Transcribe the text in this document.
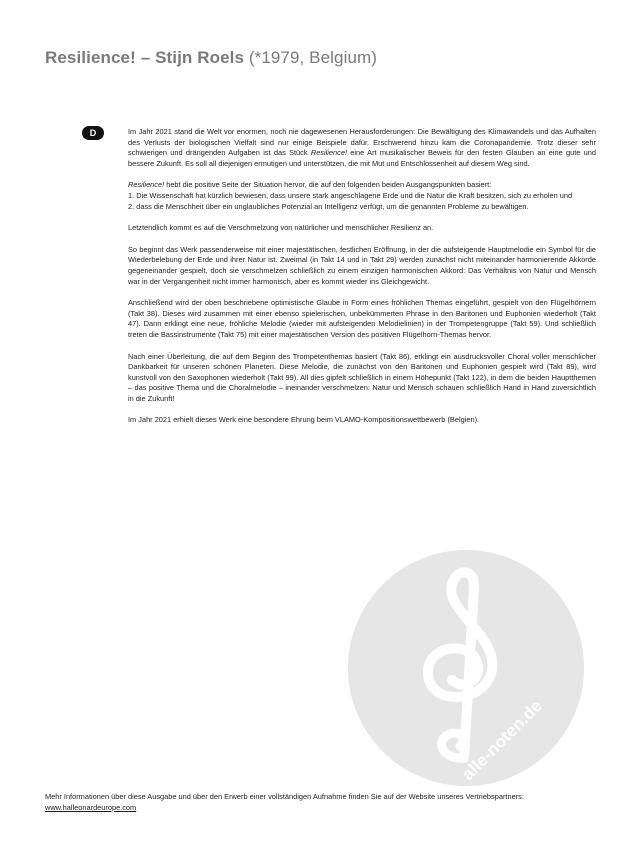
Resilience! – Stijn Roels (*1979, Belgium)
D	Im Jahr 2021 stand die Welt vor enormen, noch nie dagewesenen Herausforderungen: Die Bewältigung des Klimawandels und das Aufhalten des Verlusts der biologischen Vielfalt sind nur einige Beispiele dafür. Erschwerend hinzu kam die Coronapandemie. Trotz dieser sehr schwierigen und drängenden Aufgaben ist das Stück Resilience! eine Art musikalischer Beweis für den festen Glauben an eine gute und bessere Zukunft. Es soll all diejenigen ermutigen und unterstützen, die mit Mut und Entschlossenheit auf diesem Weg sind.

Resilience! hebt die positive Seite der Situation hervor, die auf den folgenden beiden Ausgangspunkten basiert:
1. Die Wissenschaft hat kürzlich bewiesen, dass unsere stark angeschlagene Erde und die Natur die Kraft besitzen, sich zu erholen und
2. dass die Menschheit über ein unglaubliches Potenzial an Intelligenz verfügt, um die genannten Probleme zu bewältigen.

Letztendlich kommt es auf die Verschmelzung von natürlicher und menschlicher Resilienz an.

So beginnt das Werk passenderweise mit einer majestätischen, festlichen Eröffnung, in der die aufsteigende Hauptmelodie ein Symbol für die Wiederbelebung der Erde und ihrer Natur ist. Zweimal (in Takt 14 und in Takt 29) werden zunächst nicht miteinander harmonierende Akkorde gegeneinander gespielt, doch sie verschmelzen schließlich zu einem einzigen harmonischen Akkord: Das Verhältnis von Natur und Mensch war in der Vergangenheit nicht immer harmonisch, aber es kommt wieder ins Gleichgewicht.

Anschließend wird der oben beschriebene optimistische Glaube in Form eines fröhlichen Themas eingeführt, gespielt von den Flügelhörnern (Takt 38). Dieses wird zusammen mit einer ebenso spielerischen, unbekümmerten Phrase in den Baritonen und Euphonien wiederholt (Takt 47). Dann erklingt eine neue, fröhliche Melodie (wieder mit aufsteigenden Melodielinien) in der Trompetengruppe (Takt 59). Und schließlich treten die Bassinstrumente (Takt 75) mit einer majestätischen Version des positiven Flügelhorn-Themas hervor.

Nach einer Überleitung, die auf dem Beginn des Trompetenthemas basiert (Takt 86), erklingt ein ausdrucksvoller Choral voller menschlicher Dankbarkeit für unseren schönen Planeten. Diese Melodie, die zunächst von den Baritonen und Euphonien gespielt wird (Takt 89), wird kunstvoll von den Saxophonen wiederholt (Takt 99). All dies gipfelt schließlich in einem Höhepunkt (Takt 122), in dem die beiden Hauptthemen – das positive Thema und die Choralmelodie – ineinander verschmelzen: Natur und Mensch schauen schließlich Hand in Hand zuversichtlich in die Zukunft!

Im Jahr 2021 erhielt dieses Werk eine besondere Ehrung beim VLAMO-Kompositionswettbewerb (Belgien).

alle-noten.de
Mehr Informationen über diese Ausgabe und über den Erwerb einer vollständigen Aufnahme finden Sie auf der Website unseres Vertriebspartners:
www.halleonardeurope.com
